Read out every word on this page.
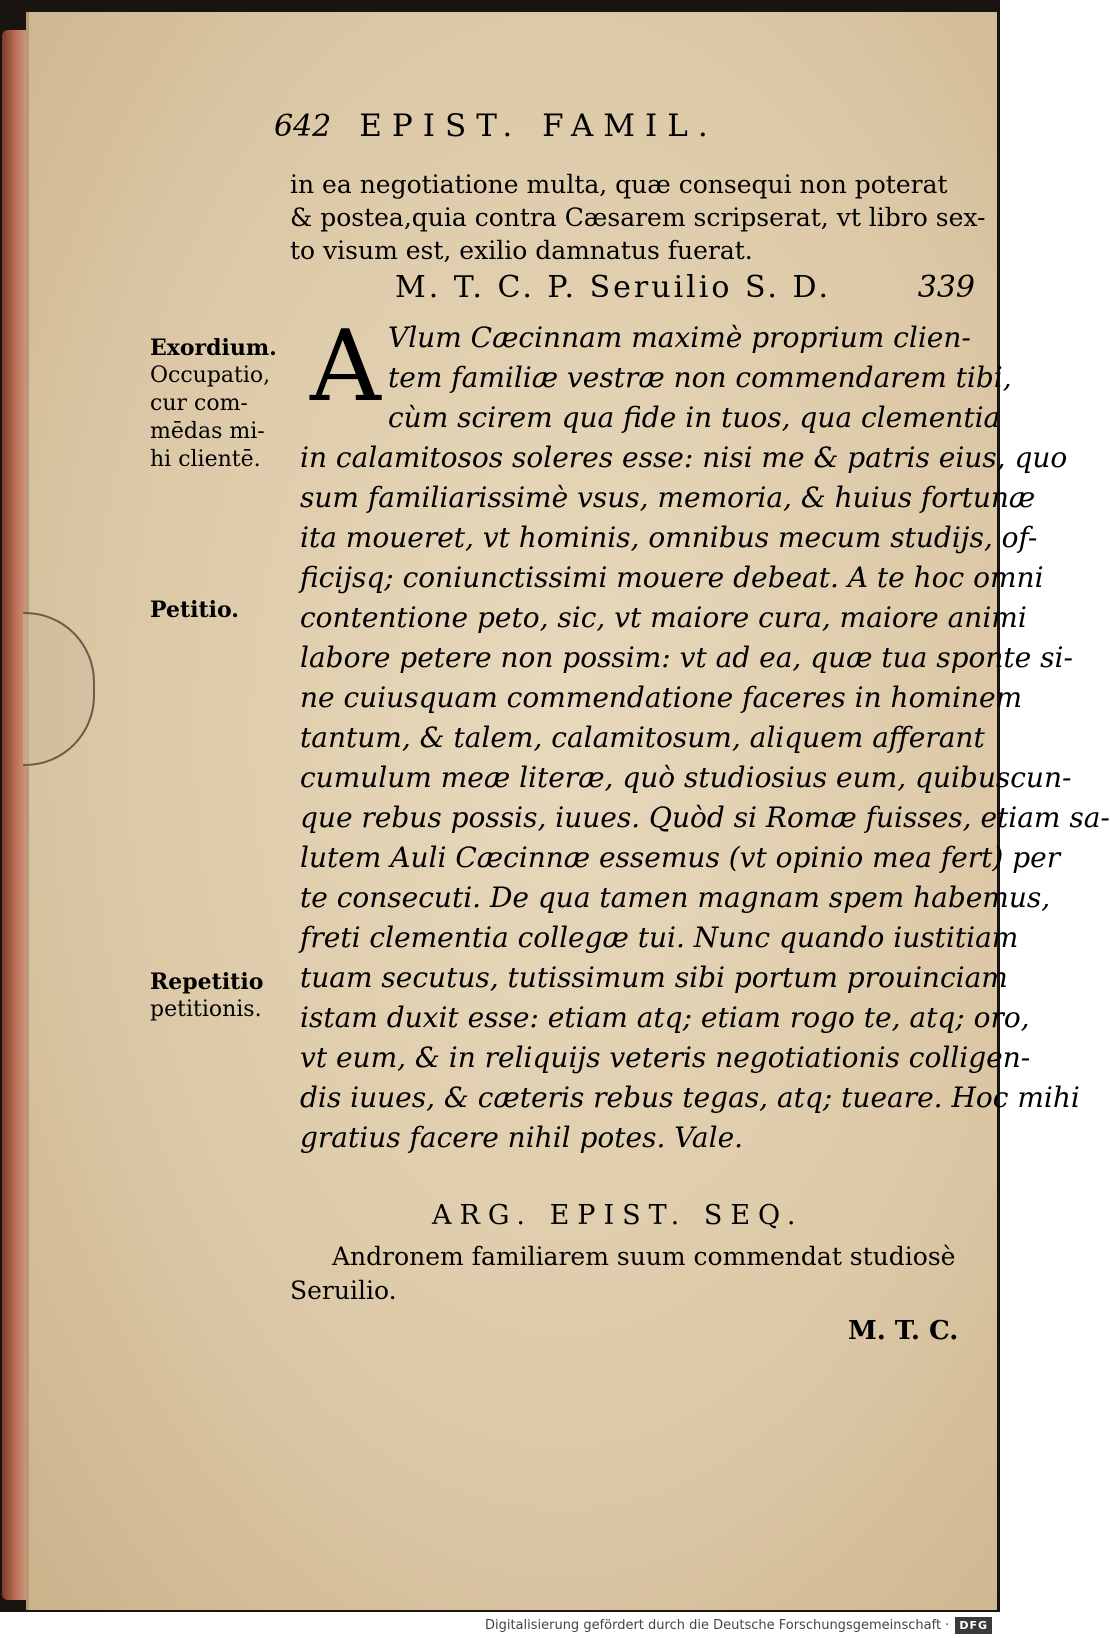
642 EPIST. FAMIL.
in ea negotiatione multa, quæ consequi non poterat
& postea,quia contra Cæsarem scripserat, vt libro sex-
to visum est, exilio damnatus fuerat.
M. T. C. P. Seruilio S. D.	339
A Vlum Cæcinnam maximè proprium clien-
tem familiæ vestræ non commendarem tibi,
cùm scirem qua fide in tuos, qua clementia
in calamitosos soleres esse: nisi me & patris eius, quo
sum familiarissimè vsus, memoria, & huius fortunæ
ita moueret, vt hominis, omnibus mecum studijs, of-
ficijsq; coniunctissimi mouere debeat. A te hoc omni
contentione peto, sic, vt maiore cura, maiore animi
labore petere non possim: vt ad ea, quæ tua sponte si-
ne cuiusquam commendatione faceres in hominem
tantum, & talem, calamitosum, aliquem afferant
cumulum meæ literæ, quò studiosius eum, quibuscun-
que rebus possis, iuues. Quòd si Romæ fuisses, etiam sa-
lutem Auli Cæcinnæ essemus (vt opinio mea fert) per
te consecuti. De qua tamen magnam spem habemus,
freti clementia collegæ tui. Nunc quando iustitiam
tuam secutus, tutissimum sibi portum prouinciam
istam duxit esse: etiam atq; etiam rogo te, atq; oro,
vt eum, & in reliquijs veteris negotiationis colligen-
dis iuues, & cæteris rebus tegas, atq; tueare. Hoc mihi
gratius facere nihil potes. Vale.
Exordium.
Occupatio,
cur com-
mēdas mi-
hi clientē.
Petitio.
Repetitio
petitionis.
ARG. EPIST. SEQ.
Andronem familiarem suum commendat studiosè
Seruilio.
M. T. C.
Digitalisierung gefördert durch die Deutsche Forschungsgemeinschaft · DFG
